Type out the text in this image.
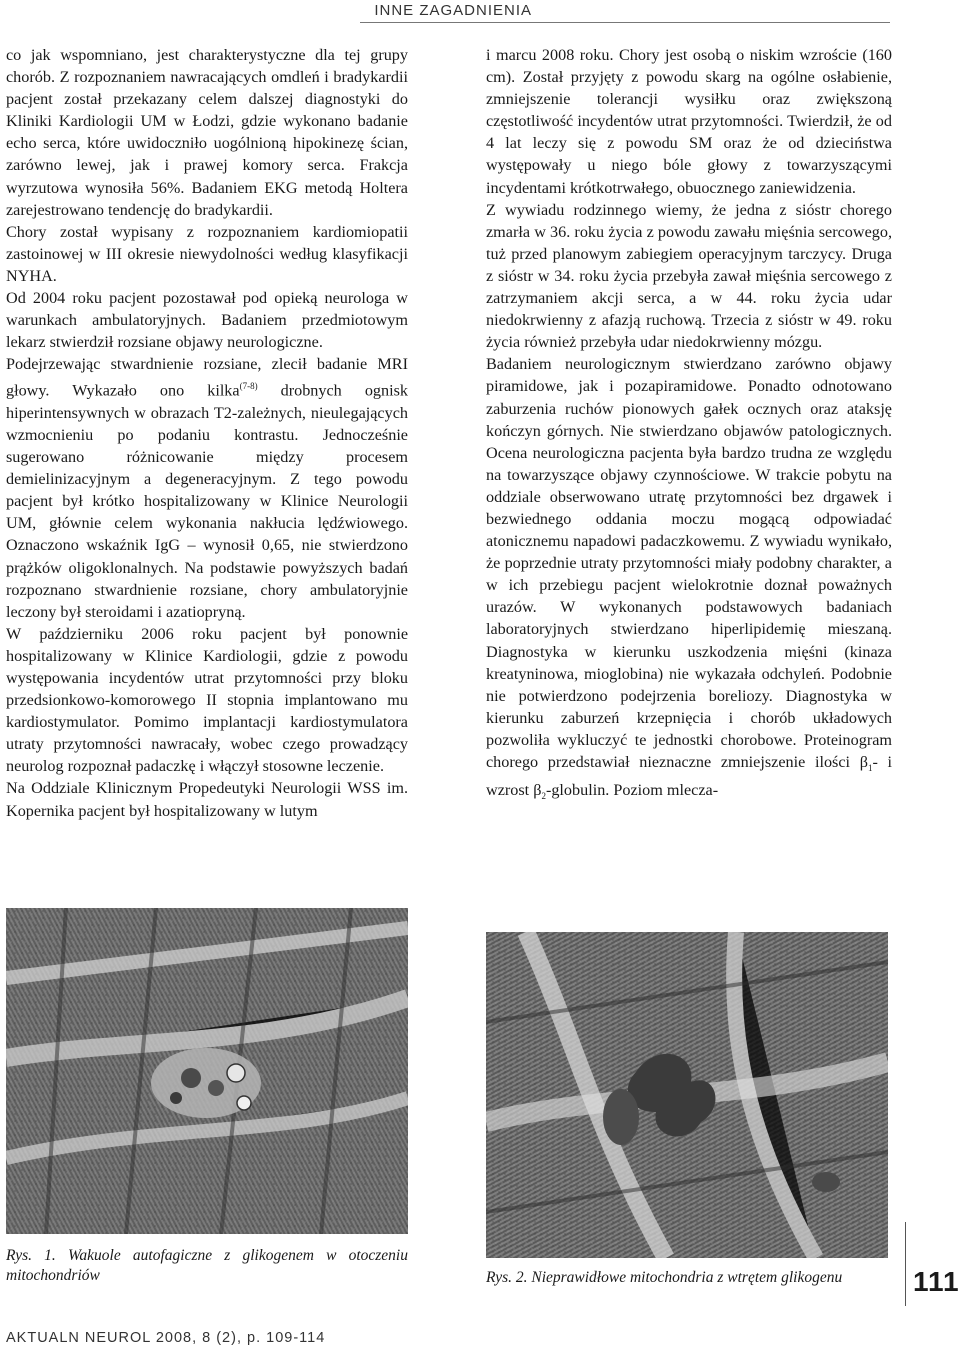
INNE ZAGADNIENIA

co jak wspomniano, jest charakterystyczne dla tej grupy chorób. Z rozpoznaniem nawracających omdleń i bradykardii pacjent został przekazany celem dalszej diagnostyki do Kliniki Kardiologii UM w Łodzi, gdzie wykonano badanie echo serca, które uwidoczniło uogólnioną hipokinezę ścian, zarówno lewej, jak i prawej komory serca. Frakcja wyrzutowa wynosiła 56%. Badaniem EKG metodą Holtera zarejestrowano tendencję do bradykardii.

Chory został wypisany z rozpoznaniem kardiomiopatii zastoinowej w III okresie niewydolności według klasyfikacji NYHA.

Od 2004 roku pacjent pozostawał pod opieką neurologa w warunkach ambulatoryjnych. Badaniem przedmiotowym lekarz stwierdził rozsiane objawy neurologiczne.

Podejrzewając stwardnienie rozsiane, zlecił badanie MRI głowy. Wykazało ono kilka$^{(7-8)}$ drobnych ognisk hiperintensywnych w obrazach T2-zależnych, nieulegających wzmocnieniu po podaniu kontrastu. Jednocześnie sugerowano różnicowanie między procesem demielinizacyjnym a degeneracyjnym. Z tego powodu pacjent był krótko hospitalizowany w Klinice Neurologii UM, głównie celem wykonania nakłucia lędźwiowego. Oznaczono wskaźnik IgG – wynosił 0,65, nie stwierdzono prążków oligoklonalnych. Na podstawie powyższych badań rozpoznano stwardnienie rozsiane, chory ambulatoryjnie leczony był steroidami i azatiopryną.

W październiku 2006 roku pacjent był ponownie hospitalizowany w Klinice Kardiologii, gdzie z powodu występowania incydentów utrat przytomności przy bloku przedsionkowo-komorowego II stopnia implantowano mu kardiostymulator. Pomimo implantacji kardiostymulatora utraty przytomności nawracały, wobec czego prowadzący neurolog rozpoznał padaczkę i włączył stosowne leczenie.

Na Oddziale Klinicznym Propedeutyki Neurologii WSS im. Kopernika pacjent był hospitalizowany w lutym

i marcu 2008 roku. Chory jest osobą o niskim wzroście (160 cm). Został przyjęty z powodu skarg na ogólne osłabienie, zmniejszenie tolerancji wysiłku oraz zwiększoną częstotliwość incydentów utrat przytomności. Twierdził, że od 4 lat leczy się z powodu SM oraz że od dzieciństwa występowały u niego bóle głowy z towarzyszącymi incydentami krótkotrwałego, obuocznego zaniewidzenia.

Z wywiadu rodzinnego wiemy, że jedna z sióstr chorego zmarła w 36. roku życia z powodu zawału mięśnia sercowego, tuż przed planowym zabiegiem operacyjnym tarczycy. Druga z sióstr w 34. roku życia przebyła zawał mięśnia sercowego z zatrzymaniem akcji serca, a w 44. roku życia udar niedokrwienny z afazją ruchową. Trzecia z sióstr w 49. roku życia również przebyła udar niedokrwienny mózgu.

Badaniem neurologicznym stwierdzano zarówno objawy piramidowe, jak i pozapiramidowe. Ponadto odnotowano zaburzenia ruchów pionowych gałek ocznych oraz ataksję kończyn górnych. Nie stwierdzano objawów patologicznych. Ocena neurologiczna pacjenta była bardzo trudna ze względu na towarzyszące objawy czynnościowe. W trakcie pobytu na oddziale obserwowano utratę przytomności bez drgawek i bezwiednego oddania moczu mogącą odpowiadać atonicznemu napadowi padaczkowemu. Z wywiadu wynikało, że poprzednie utraty przytomności miały podobny charakter, a w ich przebiegu pacjent wielokrotnie doznał poważnych urazów. W wykonanych podstawowych badaniach laboratoryjnych stwierdzano hiperlipidemię mieszaną. Diagnostyka w kierunku uszkodzenia mięśni (kinaza kreatyninowa, mioglobina) nie wykazała odchyleń. Podobnie nie potwierdzono podejrzenia boreliozy. Diagnostyka w kierunku zaburzeń krzepnięcia i chorób układowych pozwoliła wykluczyć te jednostki chorobowe. Proteinogram chorego przedstawiał nieznaczne zmniejszenie ilości $\beta_1-$ i wzrost $\beta_2$-globulin. Poziom mlecza-

Rys. 1. Wakuole autofagiczne z glikogenem w otoczeniu mitochondriów	Rys. 2. Nieprawidłowe mitochondria z wtrętem glikogenu	111
AKTUALN NEUROL 2008, 8 (2), p. 109-114
